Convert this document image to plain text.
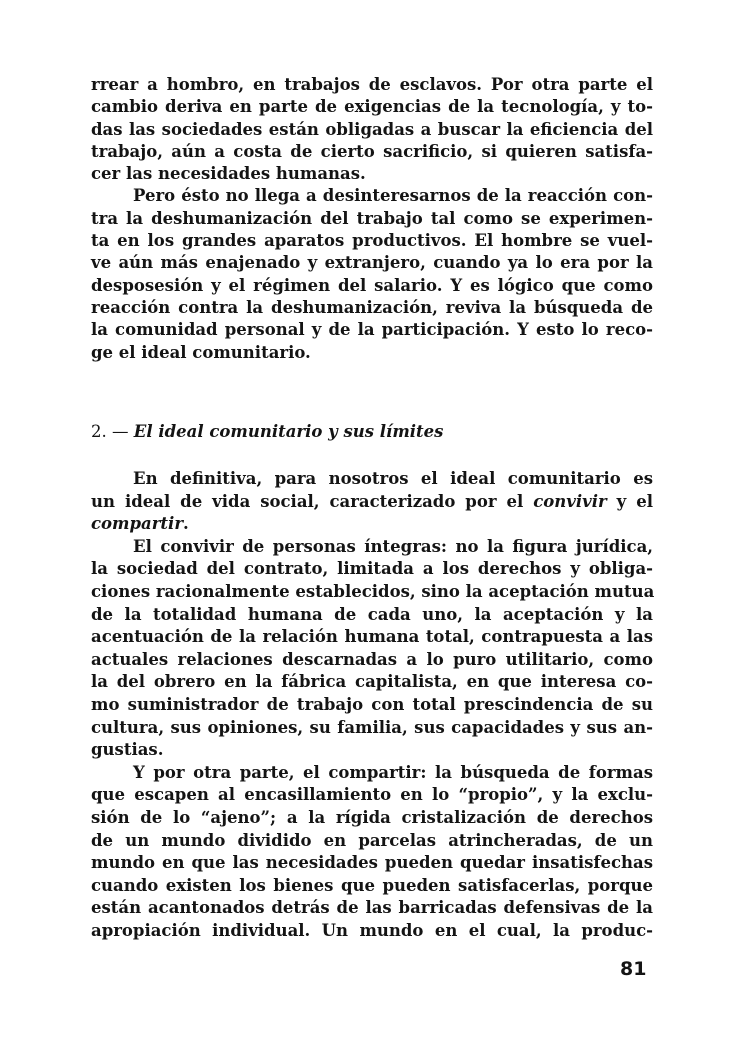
rrear a hombro, en trabajos de esclavos. Por otra parte el
cambio deriva en parte de exigencias de la tecnología, y to-
das las sociedades están obligadas a buscar la eficiencia del
trabajo, aún a costa de cierto sacrificio, si quieren satisfa-
cer las necesidades humanas.
Pero ésto no llega a desinteresarnos de la reacción con-
tra la deshumanización del trabajo tal como se experimen-
ta en los grandes aparatos productivos. El hombre se vuel-
ve aún más enajenado y extranjero, cuando ya lo era por la
desposesión y el régimen del salario. Y es lógico que como
reacción contra la deshumanización, reviva la búsqueda de
la comunidad personal y de la participación. Y esto lo reco-
ge el ideal comunitario.
2. — El ideal comunitario y sus límites
En definitiva, para nosotros el ideal comunitario es
un ideal de vida social, caracterizado por el convivir y el
compartir.
El convivir de personas íntegras: no la figura jurídica,
la sociedad del contrato, limitada a los derechos y obliga-
ciones racionalmente establecidos, sino la aceptación mutua
de la totalidad humana de cada uno, la aceptación y la
acentuación de la relación humana total, contrapuesta a las
actuales relaciones descarnadas a lo puro utilitario, como
la del obrero en la fábrica capitalista, en que interesa co-
mo suministrador de trabajo con total prescindencia de su
cultura, sus opiniones, su familia, sus capacidades y sus an-
gustias.
Y por otra parte, el compartir: la búsqueda de formas
que escapen al encasillamiento en lo “propio”, y la exclu-
sión de lo “ajeno”; a la rígida cristalización de derechos
de un mundo dividido en parcelas atrincheradas, de un
mundo en que las necesidades pueden quedar insatisfechas
cuando existen los bienes que pueden satisfacerlas, porque
están acantonados detrás de las barricadas defensivas de la
apropiación individual. Un mundo en el cual, la produc-
81
